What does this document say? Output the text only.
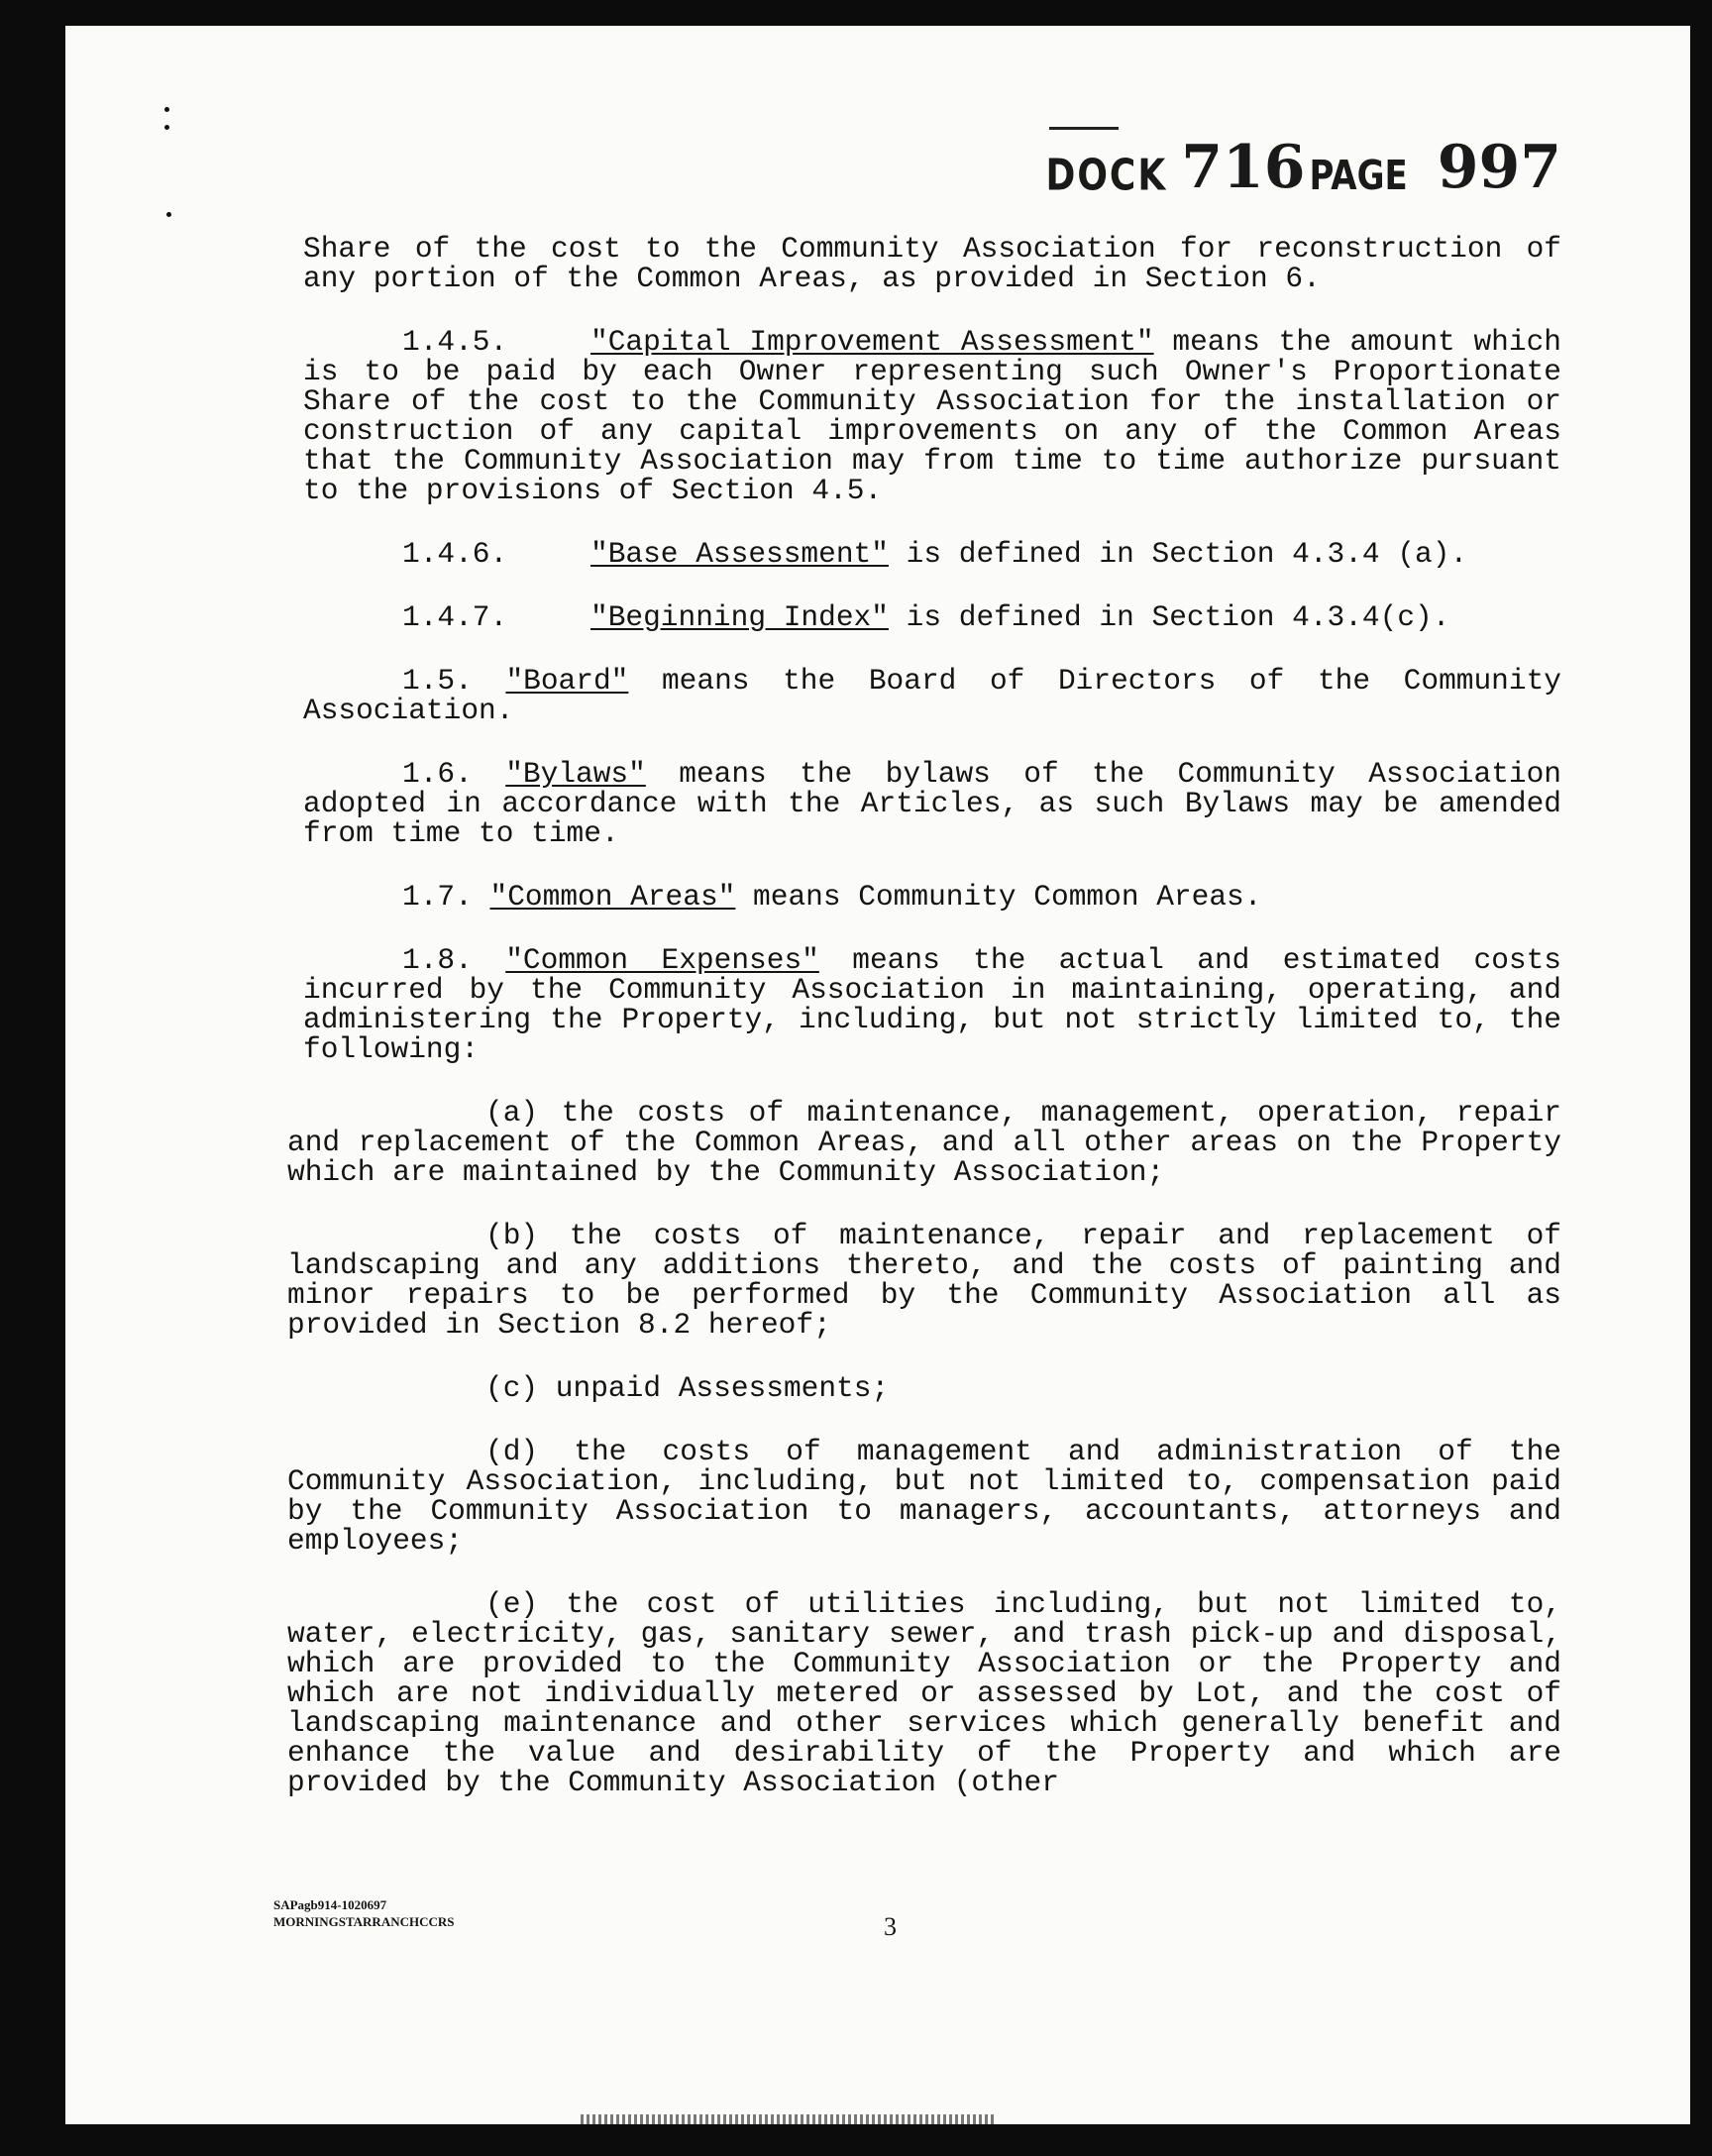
DOCK 716 PAGE 997

Share of the cost to the Community Association for reconstruction of any portion of the Common Areas, as provided in Section 6.

1.4.5.	"Capital Improvement Assessment" means the amount which is to be paid by each Owner representing such Owner's Proportionate Share of the cost to the Community Association for the installation or construction of any capital improvements on any of the Common Areas that the Community Association may from time to time authorize pursuant to the provisions of Section 4.5.

1.4.6.	"Base Assessment" is defined in Section 4.3.4 (a).

1.4.7.	"Beginning Index" is defined in Section 4.3.4(c).

1.5. "Board" means the Board of Directors of the Community Association.

1.6. "Bylaws" means the bylaws of the Community Association adopted in accordance with the Articles, as such Bylaws may be amended from time to time.

1.7. "Common Areas" means Community Common Areas.

1.8. "Common Expenses" means the actual and estimated costs incurred by the Community Association in maintaining, operating, and administering the Property, including, but not strictly limited to, the following:

(a) the costs of maintenance, management, operation, repair and replacement of the Common Areas, and all other areas on the Property which are maintained by the Community Association;

(b) the costs of maintenance, repair and replacement of landscaping and any additions thereto, and the costs of painting and minor repairs to be performed by the Community Association all as provided in Section 8.2 hereof;

(c) unpaid Assessments;

(d) the costs of management and administration of the Community Association, including, but not limited to, compensation paid by the Community Association to managers, accountants, attorneys and employees;

(e) the cost of utilities including, but not limited to, water, electricity, gas, sanitary sewer, and trash pick-up and disposal, which are provided to the Community Association or the Property and which are not individually metered or assessed by Lot, and the cost of landscaping maintenance and other services which generally benefit and enhance the value and desirability of the Property and which are provided by the Community Association (other

SAPagb914-1020697
MORNINGSTARRANCHCCRS	3
